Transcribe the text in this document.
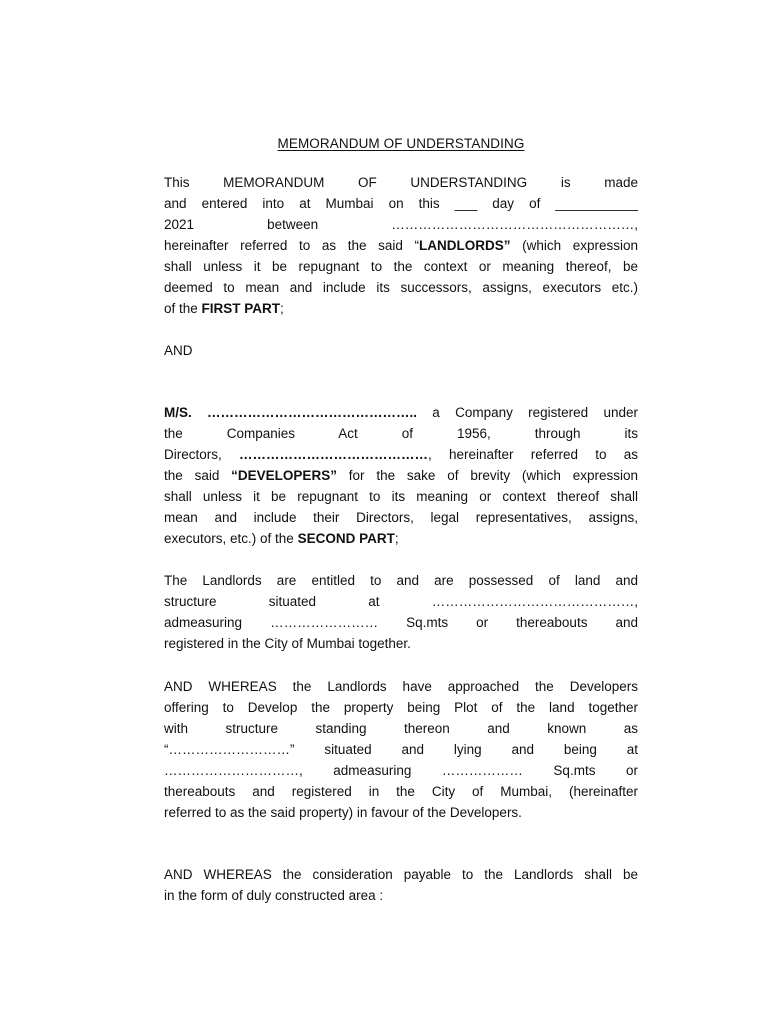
MEMORANDUM OF UNDERSTANDING
This MEMORANDUM OF UNDERSTANDING is made
and entered into at Mumbai on this ___ day of ___________
2021 between ………………………………………………,
hereinafter referred to as the said “LANDLORDS” (which expression
shall unless it be repugnant to the context or meaning thereof, be
deemed to mean and include its successors, assigns, executors etc.)
of the FIRST PART;
AND
M/S. ……………………………………….. a Company registered under
the Companies Act of 1956, through its
Directors, ……………………………………, hereinafter referred to as
the said “DEVELOPERS” for the sake of brevity (which expression
shall unless it be repugnant to its meaning or context thereof shall
mean and include their Directors, legal representatives, assigns,
executors, etc.) of the SECOND PART;
The Landlords are entitled to and are possessed of land and
structure situated at ………………………………………,
admeasuring …………………… Sq.mts or thereabouts and
registered in the City of Mumbai together.
AND WHEREAS the Landlords have approached the Developers
offering to Develop the property being Plot of the land together
with structure standing thereon and known as
“………………………” situated and lying and being at
…………………………, admeasuring ……………… Sq.mts or
thereabouts and registered in the City of Mumbai, (hereinafter
referred to as the said property) in favour of the Developers.
AND WHEREAS the consideration payable to the Landlords shall be
in the form of duly constructed area :
